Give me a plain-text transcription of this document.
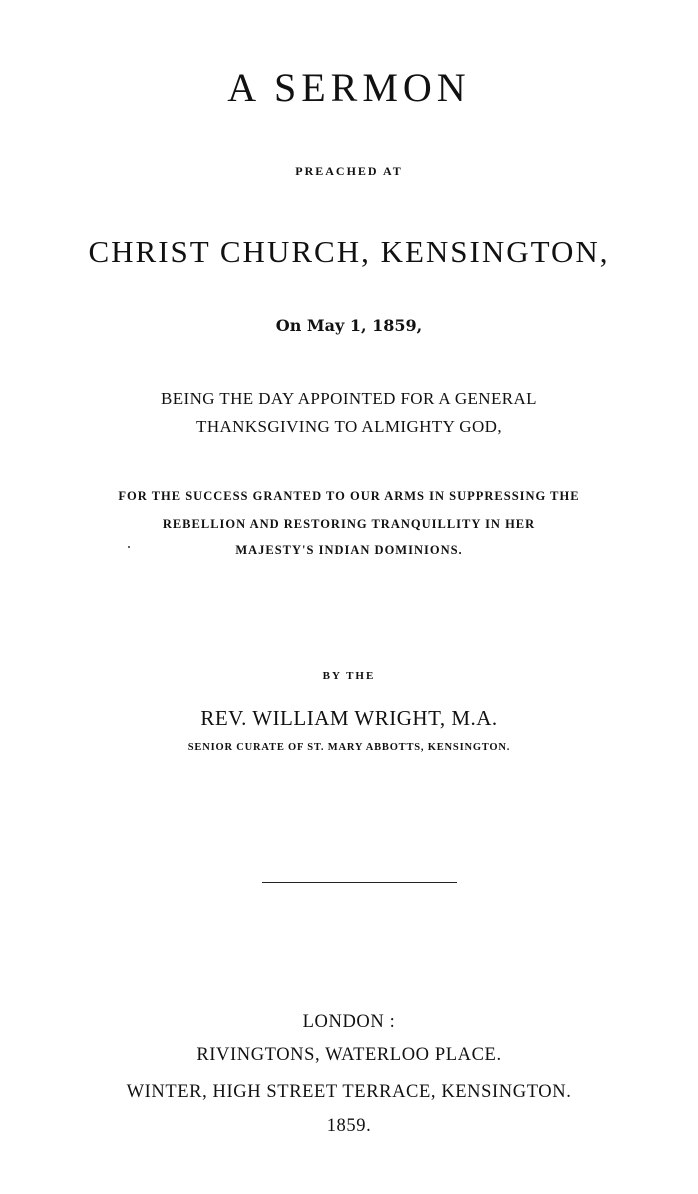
A SERMON
PREACHED AT
CHRIST CHURCH, KENSINGTON,
On May 1, 1859,
BEING THE DAY APPOINTED FOR A GENERAL
THANKSGIVING TO ALMIGHTY GOD,
FOR THE SUCCESS GRANTED TO OUR ARMS IN SUPPRESSING THE
REBELLION AND RESTORING TRANQUILLITY IN HER
MAJESTY'S INDIAN DOMINIONS.
BY THE
REV. WILLIAM WRIGHT, M.A.
SENIOR CURATE OF ST. MARY ABBOTTS, KENSINGTON.
LONDON :
RIVINGTONS, WATERLOO PLACE.
WINTER, HIGH STREET TERRACE, KENSINGTON.
1859.
